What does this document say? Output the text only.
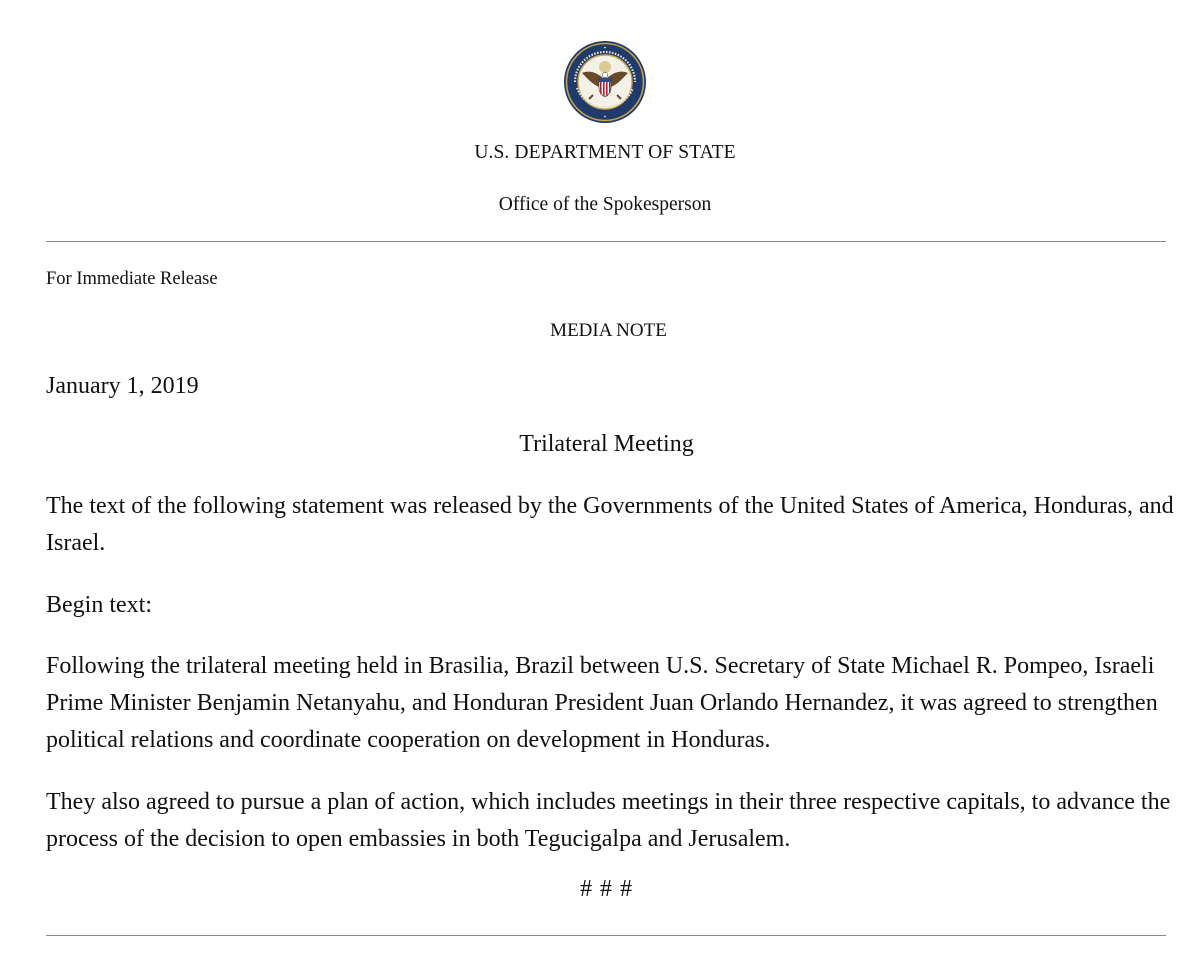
U.S. DEPARTMENT OF STATE
Office of the Spokesperson
For Immediate Release
MEDIA NOTE
January 1, 2019
Trilateral Meeting

The text of the following statement was released by the Governments of the United States of America, Honduras, and Israel.

Begin text:

Following the trilateral meeting held in Brasilia, Brazil between U.S. Secretary of State Michael R. Pompeo, Israeli Prime Minister Benjamin Netanyahu, and Honduran President Juan Orlando Hernandez, it was agreed to strengthen political relations and coordinate cooperation on development in Honduras.

They also agreed to pursue a plan of action, which includes meetings in their three respective capitals, to advance the process of the decision to open embassies in both Tegucigalpa and Jerusalem.

# # #
